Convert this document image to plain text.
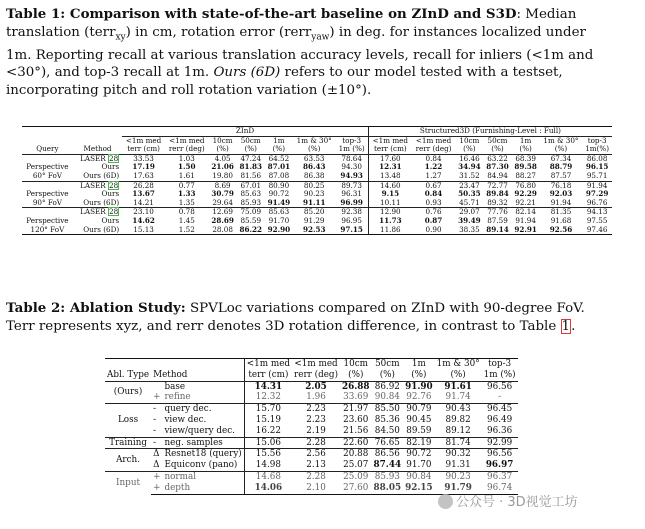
Table 1: Comparison with state-of-the-art baseline on ZInD and S3D: Median
translation (terr$_{xy}$) in cm, rotation error (rerr$_{yaw}$) in deg. for instances localized under
1m. Reporting recall at various translation accuracy levels, recall for inliers (<1m and
<30°), and top-3 recall at 1m. Ours (6D) refers to our model tested with a testset,
incorporating pitch and roll rotation variation (±10°).
		ZInD							Structured3D (Furnishing-Level : Full)						
		<1m med	<1m med	10cm	50cm	1m	1m & 30°	top-3	<1m med	<1m med	10cm	50cm	1m	1m & 30°	top-3
Query	Method	terr (cm)	rerr (deg)	(%)	(%)	(%)	(%)	1m (%)	terr (cm)	rerr (deg)	(%)	(%)	(%)	(%)	1m(%)
	LASER 28	33.53	1.03	4.05	47.24	64.52	63.53	78.64	17.60	0.84	16.46	63.22	68.39	67.34	86.08
Perspective	Ours	17.19	1.50	21.06	81.83	87.01	86.43	94.30	12.31	1.22	34.94	87.30	89.58	88.79	96.15
60° FoV	Ours (6D)	17.63	1.61	19.80	81.56	87.08	86.38	94.93	13.48	1.27	31.52	84.94	88.27	87.57	95.71
	LASER 28	26.28	0.77	8.69	67.01	80.90	80.25	89.73	14.60	0.67	23.47	72.77	76.80	76.18	91.94
Perspective	Ours	13.67	1.33	30.79	85.63	90.72	90.23	96.31	9.15	0.84	50.35	89.84	92.29	92.03	97.29
90° FoV	Ours (6D)	14.21	1.35	29.64	85.93	91.49	91.11	96.99	10.11	0.93	45.71	89.32	92.21	91.94	96.76
	LASER 28	23.10	0.78	12.69	75.09	85.63	85.20	92.38	12.90	0.76	29.07	77.76	82.14	81.35	94.13
Perspective	Ours	14.62	1.45	28.69	85.59	91.70	91.29	96.95	11.73	0.87	39.49	87.59	91.94	91.68	97.55
120° FoV	Ours (6D)	15.13	1.52	28.08	86.22	92.90	92.53	97.15	11.86	0.90	38.35	89.14	92.91	92.56	97.46
Table 2: Ablation Study: SPVLoc variations compared on ZInD with 90-degree FoV.
Terr represents xyz, and rerr denotes 3D rotation difference, in contrast to Table 1.
			<1m med	<1m med	10cm	50cm	1m	1m & 30°	top-3
Abl. Type	Method		terr (cm)	rerr (deg)	(%)	(%)	(%)	(%)	1m (%)
(Ours)		base	14.31	2.05	26.88	86.92	91.90	91.61	96.56
	+	refine	12.32	1.96	33.69	90.84	92.76	91.74	-
Loss	-	query dec.	15.70	2.23	21.97	85.50	90.79	90.43	96.45
	-	view dec.	15.19	2.23	23.60	85.36	90.45	89.82	96.49
	-	view/query dec.	16.22	2.19	21.56	84.50	89.59	89.12	96.36
Training	-	neg. samples	15.06	2.28	22.60	76.65	82.19	81.74	92.99
Arch.	Δ	Resnet18 (query)	15.56	2.56	20.88	86.56	90.72	90.32	96.56
	Δ	Equiconv (pano)	14.98	2.13	25.07	87.44	91.70	91.31	96.97
Input	+	normal	14.68	2.28	25.09	85.93	90.84	90.23	96.37
	+	depth	14.06	2.10	27.60	88.05	92.15	91.79	96.74
公众号 · 3D视觉工坊
